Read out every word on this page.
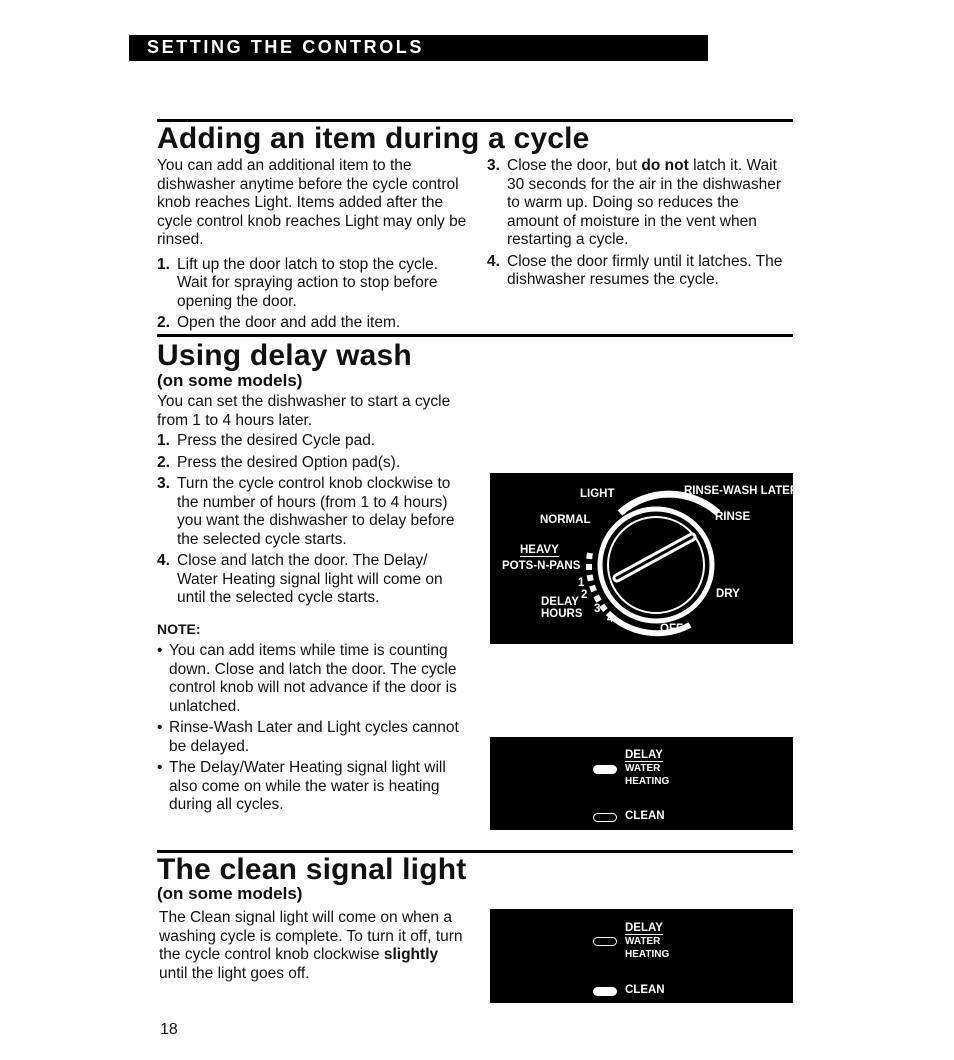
SETTING THE CONTROLS
Adding an item during a cycle

You can add an additional item to the dishwasher anytime before the cycle control knob reaches Light. Items added after the cycle control knob reaches Light may only be rinsed.

1. Lift up the door latch to stop the cycle. Wait for spraying action to stop before opening the door.
2. Open the door and add the item.
3. Close the door, but do not latch it. Wait 30 seconds for the air in the dishwasher to warm up. Doing so reduces the amount of moisture in the vent when restarting a cycle.
4. Close the door firmly until it latches. The dishwasher resumes the cycle.
Using delay wash
(on some models)

You can set the dishwasher to start a cycle from 1 to 4 hours later.

1. Press the desired Cycle pad.
2. Press the desired Option pad(s).
3. Turn the cycle control knob clockwise to the number of hours (from 1 to 4 hours) you want the dishwasher to delay before the selected cycle starts.
4. Close and latch the door. The Delay/ Water Heating signal light will come on until the selected cycle starts.
NOTE:
• You can add items while time is counting down. Close and latch the door. The cycle control knob will not advance if the door is unlatched.
• Rinse-Wash Later and Light cycles cannot be delayed.
• The Delay/Water Heating signal light will also come on while the water is heating during all cycles.
LIGHT	RINSE-WASH LATER
NORMAL	RINSE
HEAVY
POTS-N-PANS
1
2
3
4
DELAY
HOURS
DRY
OFF
DELAY
WATER
HEATING
CLEAN
The clean signal light
(on some models)
The Clean signal light will come on when a washing cycle is complete. To turn it off, turn the cycle control knob clockwise slightly until the light goes off.
DELAY
WATER
HEATING
CLEAN
18
